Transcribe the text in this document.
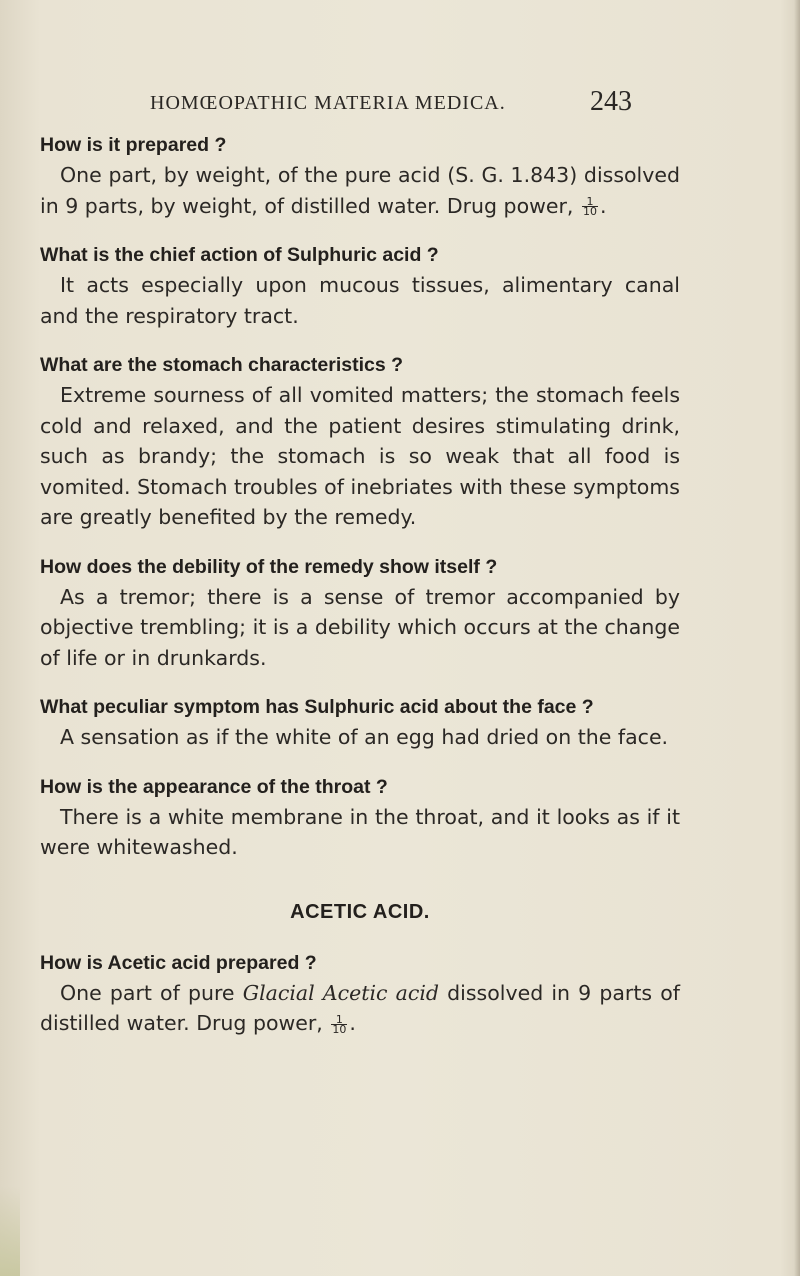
HOMŒOPATHIC MATERIA MEDICA.	243

How is it prepared ?

One part, by weight, of the pure acid (S. G. 1.843) dissolved in 9 parts, by weight, of distilled water. Drug power, $\frac{1}{10}$ .

What is the chief action of Sulphuric acid ?

It acts especially upon mucous tissues, alimentary canal and the respiratory tract.

What are the stomach characteristics ?

Extreme sourness of all vomited matters; the stomach feels cold and relaxed, and the patient desires stimulating drink, such as brandy; the stomach is so weak that all food is vomited. Stomach troubles of inebriates with these symptoms are greatly benefited by the remedy.

How does the debility of the remedy show itself ?

As a tremor; there is a sense of tremor accompanied by objective trembling; it is a debility which occurs at the change of life or in drunkards.

What peculiar symptom has Sulphuric acid about the face ?

A sensation as if the white of an egg had dried on the face.

How is the appearance of the throat ?

There is a white membrane in the throat, and it looks as if it were whitewashed.

ACETIC ACID.

How is Acetic acid prepared ?

One part of pure Glacial Acetic acid dissolved in 9 parts of distilled water. Drug power, $\frac{1}{10}$ .
